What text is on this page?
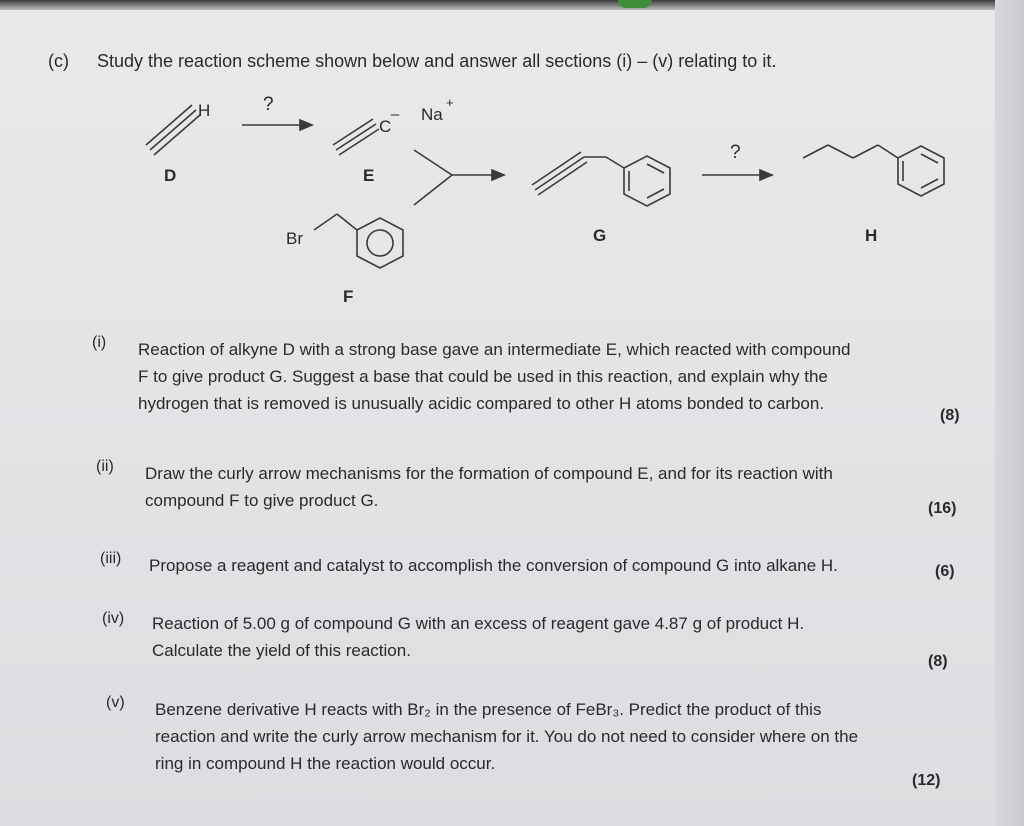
(c) Study the reaction scheme shown below and answer all sections (i) – (v) relating to it.
H	?
C
– Na
+
?
Br
D	E
F
G	H
(i) Reaction of alkyne D with a strong base gave an intermediate E, which reacted with compound
F to give product G. Suggest a base that could be used in this reaction, and explain why the
hydrogen that is removed is unusually acidic compared to other H atoms bonded to carbon.
(8)
(ii) Draw the curly arrow mechanisms for the formation of compound E, and for its reaction with
compound F to give product G.	(16)
(iii) Propose a reagent and catalyst to accomplish the conversion of compound G into alkane H.	(6)
(iv) Reaction of 5.00 g of compound G with an excess of reagent gave 4.87 g of product H.
Calculate the yield of this reaction.
(8)
(v) Benzene derivative H reacts with Br₂ in the presence of FeBr₃. Predict the product of this
reaction and write the curly arrow mechanism for it. You do not need to consider where on the
ring in compound H the reaction would occur.
(12)
